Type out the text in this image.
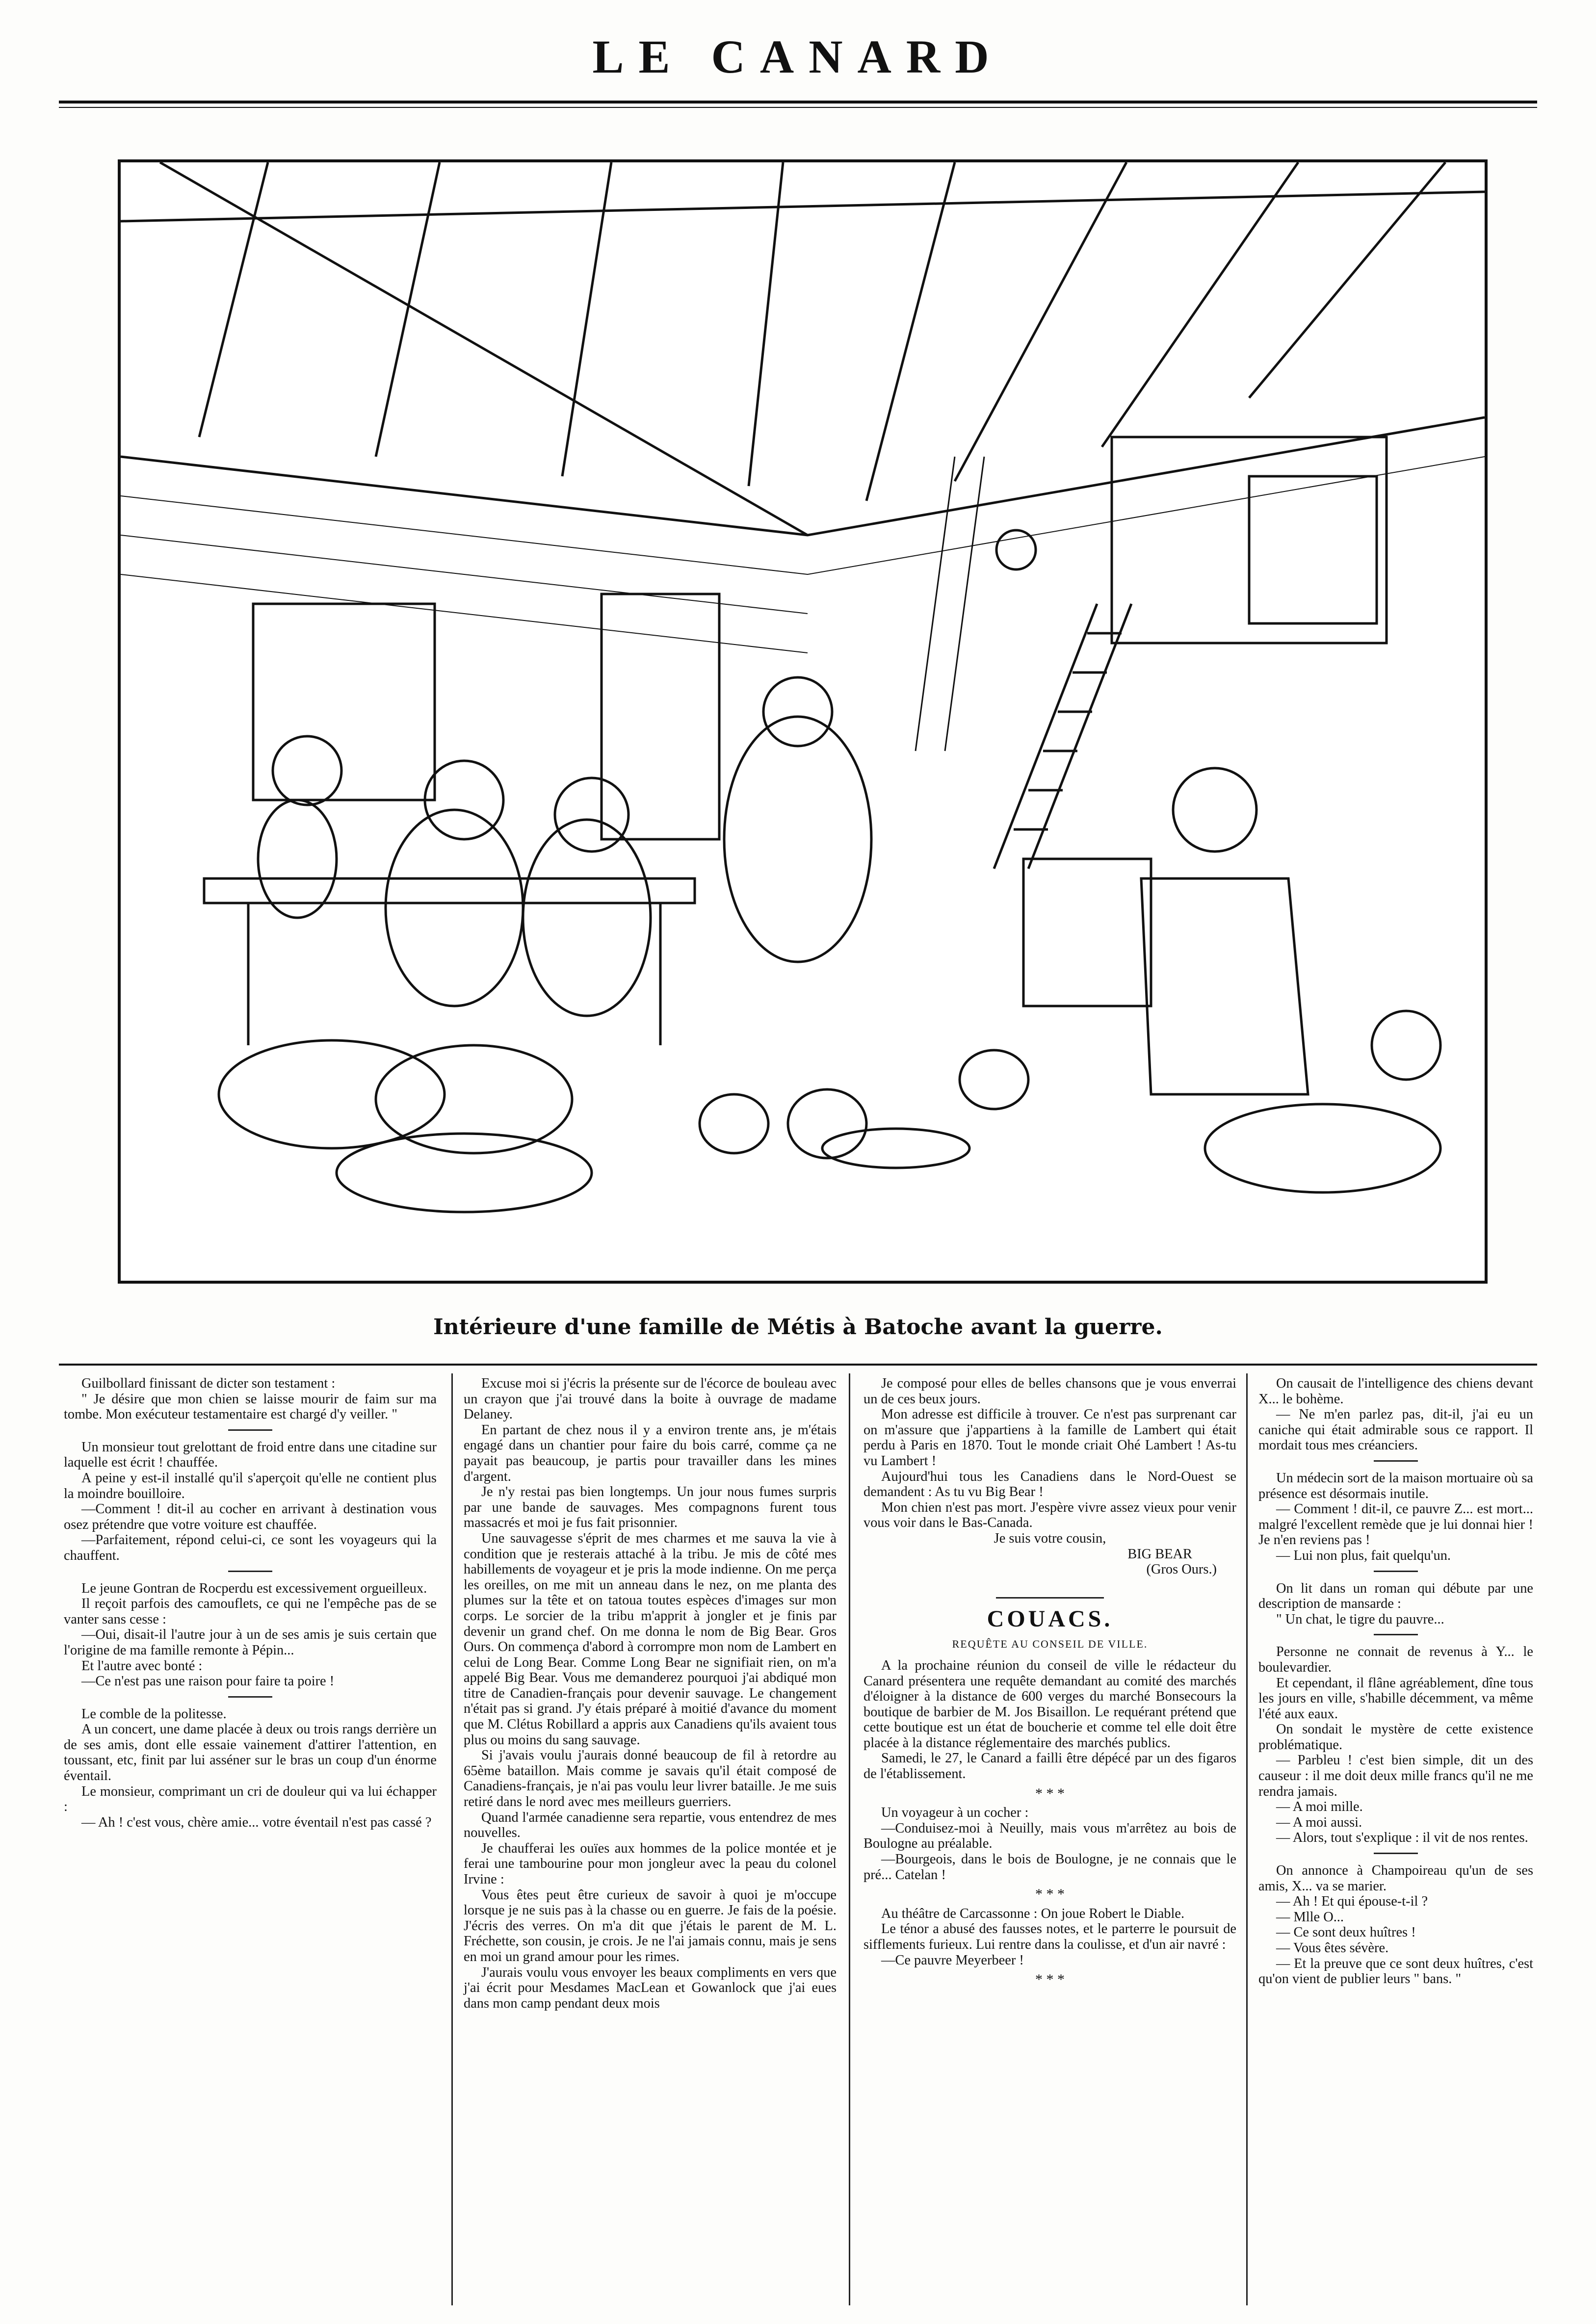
LE CANARD
Intérieure d'une famille de Métis à Batoche avant la guerre.

Guilbollard finissant de dicter son testament :

" Je désire que mon chien se laisse mourir de faim sur ma tombe. Mon exécuteur testamentaire est chargé d'y veiller. "

Un monsieur tout grelottant de froid entre dans une citadine sur laquelle est écrit ! chauffée.

A peine y est-il installé qu'il s'aperçoit qu'elle ne contient plus la moindre bouilloire.

—Comment ! dit-il au cocher en arrivant à destination vous osez prétendre que votre voiture est chauffée.

—Parfaitement, répond celui-ci, ce sont les voyageurs qui la chauffent.

Le jeune Gontran de Rocperdu est excessivement orgueilleux.

Il reçoit parfois des camouflets, ce qui ne l'empêche pas de se vanter sans cesse :

—Oui, disait-il l'autre jour à un de ses amis je suis certain que l'origine de ma famille remonte à Pépin...

Et l'autre avec bonté :

—Ce n'est pas une raison pour faire ta poire !

Le comble de la politesse.

A un concert, une dame placée à deux ou trois rangs derrière un de ses amis, dont elle essaie vainement d'attirer l'attention, en toussant, etc, finit par lui asséner sur le bras un coup d'un énorme éventail.

Le monsieur, comprimant un cri de douleur qui va lui échapper :

— Ah ! c'est vous, chère amie... votre éventail n'est pas cassé ?

Excuse moi si j'écris la présente sur de l'écorce de bouleau avec un crayon que j'ai trouvé dans la boite à ouvrage de madame Delaney.

En partant de chez nous il y a environ trente ans, je m'étais engagé dans un chantier pour faire du bois carré, comme ça ne payait pas beaucoup, je partis pour travailler dans les mines d'argent.

Je n'y restai pas bien longtemps. Un jour nous fumes surpris par une bande de sauvages. Mes compagnons furent tous massacrés et moi je fus fait prisonnier.

Une sauvagesse s'éprit de mes charmes et me sauva la vie à condition que je resterais attaché à la tribu. Je mis de côté mes habillements de voyageur et je pris la mode indienne. On me perça les oreilles, on me mit un anneau dans le nez, on me planta des plumes sur la tête et on tatoua toutes espèces d'images sur mon corps. Le sorcier de la tribu m'apprit à jongler et je finis par devenir un grand chef. On me donna le nom de Big Bear. Gros Ours. On commença d'abord à corrompre mon nom de Lambert en celui de Long Bear. Comme Long Bear ne signifiait rien, on m'a appelé Big Bear. Vous me demanderez pourquoi j'ai abdiqué mon titre de Canadien-français pour devenir sauvage. Le changement n'était pas si grand. J'y étais préparé à moitié d'avance du moment que M. Clétus Robillard a appris aux Canadiens qu'ils avaient tous plus ou moins du sang sauvage.

Si j'avais voulu j'aurais donné beaucoup de fil à retordre au 65ème bataillon. Mais comme je savais qu'il était composé de Canadiens-français, je n'ai pas voulu leur livrer bataille. Je me suis retiré dans le nord avec mes meilleurs guerriers.

Quand l'armée canadienne sera repartie, vous entendrez de mes nouvelles.

Je chaufferai les ouïes aux hommes de la police montée et je ferai une tambourine pour mon jongleur avec la peau du colonel Irvine :

Vous êtes peut être curieux de savoir à quoi je m'occupe lorsque je ne suis pas à la chasse ou en guerre. Je fais de la poésie. J'écris des verres. On m'a dit que j'étais le parent de M. L. Fréchette, son cousin, je crois. Je ne l'ai jamais connu, mais je sens en moi un grand amour pour les rimes.

J'aurais voulu vous envoyer les beaux compliments en vers que j'ai écrit pour Mesdames MacLean et Gowanlock que j'ai eues dans mon camp pendant deux mois

Je composé pour elles de belles chansons que je vous enverrai un de ces beux jours.

Mon adresse est difficile à trouver. Ce n'est pas surprenant car on m'assure que j'appartiens à la famille de Lambert qui était perdu à Paris en 1870. Tout le monde criait Ohé Lambert ! As-tu vu Lambert !

Aujourd'hui tous les Canadiens dans le Nord-Ouest se demandent : As tu vu Big Bear !

Mon chien n'est pas mort. J'espère vivre assez vieux pour venir vous voir dans le Bas-Canada.

Je suis votre cousin,

BIG BEAR

(Gros Ours.)

COUACS.
REQUÊTE AU CONSEIL DE VILLE.

A la prochaine réunion du conseil de ville le rédacteur du Canard présentera une requête demandant au comité des marchés d'éloigner à la distance de 600 verges du marché Bonsecours la boutique de barbier de M. Jos Bisaillon. Le requérant prétend que cette boutique est un état de boucherie et comme tel elle doit être placée à la distance réglementaire des marchés publics.

Samedi, le 27, le Canard a failli être dépécé par un des figaros de l'établissement.

* * *

Un voyageur à un cocher :

—Conduisez-moi à Neuilly, mais vous m'arrêtez au bois de Boulogne au préalable.

—Bourgeois, dans le bois de Boulogne, je ne connais que le pré... Catelan !

* * *

Au théâtre de Carcassonne : On joue Robert le Diable.

Le ténor a abusé des fausses notes, et le parterre le poursuit de sifflements furieux. Lui rentre dans la coulisse, et d'un air navré :

—Ce pauvre Meyerbeer !

* * *

On causait de l'intelligence des chiens devant X... le bohème.

— Ne m'en parlez pas, dit-il, j'ai eu un caniche qui était admirable sous ce rapport. Il mordait tous mes créanciers.

Un médecin sort de la maison mortuaire où sa présence est désormais inutile.

— Comment ! dit-il, ce pauvre Z... est mort... malgré l'excellent remède que je lui donnai hier ! Je n'en reviens pas !

— Lui non plus, fait quelqu'un.

On lit dans un roman qui débute par une description de mansarde :

" Un chat, le tigre du pauvre...

Personne ne connait de revenus à Y... le boulevardier.

Et cependant, il flâne agréablement, dîne tous les jours en ville, s'habille décemment, va même l'été aux eaux.

On sondait le mystère de cette existence problématique.

— Parbleu ! c'est bien simple, dit un des causeur : il me doit deux mille francs qu'il ne me rendra jamais.

— A moi mille.

— A moi aussi.

— Alors, tout s'explique : il vit de nos rentes.

On annonce à Champoireau qu'un de ses amis, X... va se marier.

— Ah ! Et qui épouse-t-il ?

— Mlle O...

— Ce sont deux huîtres !

— Vous êtes sévère.

— Et la preuve que ce sont deux huîtres, c'est qu'on vient de publier leurs " bans. "
